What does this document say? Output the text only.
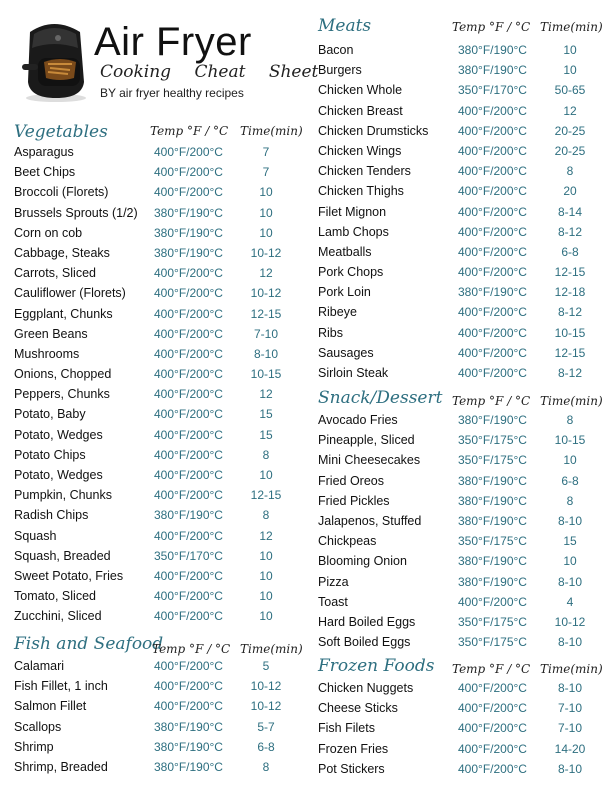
Air Fryer
Cooking Cheat Sheet
BY air fryer healthy recipes
Vegetables	Temp °F / °C Time(min)
Asparagus	400°F/200°C	7
Beet Chips	400°F/200°C	7
Broccoli (Florets)	400°F/200°C	10
Brussels Sprouts (1/2) 380°F/190°C	10
Corn on cob	380°F/190°C	10
Cabbage, Steaks	380°F/190°C	10-12
Carrots, Sliced	400°F/200°C	12
Cauliflower (Florets) 400°F/200°C	10-12
Eggplant, Chunks	400°F/200°C	12-15
Green Beans	400°F/200°C	7-10
Mushrooms	400°F/200°C	8-10
Onions, Chopped	400°F/200°C	10-15
Peppers, Chunks	400°F/200°C	12
Potato, Baby	400°F/200°C	15
Potato, Wedges	400°F/200°C	15
Potato Chips	400°F/200°C	8
Potato, Wedges	400°F/200°C	10
Pumpkin, Chunks	400°F/200°C	12-15
Radish Chips	380°F/190°C	8
Squash	400°F/200°C	12
Squash, Breaded	350°F/170°C	10
Sweet Potato, Fries	400°F/200°C	10
Tomato, Sliced	400°F/200°C	10
Zucchini, Sliced	400°F/200°C	10
Fish and Seafood
Temp °F / °C Time(min)
Calamari	400°F/200°C	5
Fish Fillet, 1 inch	400°F/200°C	10-12
Salmon Fillet	400°F/200°C	10-12
Scallops	380°F/190°C	5-7
Shrimp	380°F/190°C	6-8
Shrimp, Breaded	380°F/190°C	8
Meats	Temp °F / °C Time(min)
Bacon	380°F/190°C	10
Burgers	380°F/190°C	10
Chicken Whole	350°F/170°C	50-65
Chicken Breast	400°F/200°C	12
Chicken Drumsticks 400°F/200°C	20-25
Chicken Wings	400°F/200°C	20-25
Chicken Tenders	400°F/200°C	8
Chicken Thighs	400°F/200°C	20
Filet Mignon	400°F/200°C	8-14
Lamb Chops	400°F/200°C	8-12
Meatballs	400°F/200°C	6-8
Pork Chops	400°F/200°C	12-15
Pork Loin	380°F/190°C	12-18
Ribeye	400°F/200°C	8-12
Ribs	400°F/200°C	10-15
Sausages	400°F/200°C	12-15
Sirloin Steak	400°F/200°C	8-12
Snack/Dessert Temp °F / °C Time(min)
Avocado Fries	380°F/190°C	8
Pineapple, Sliced	350°F/175°C	10-15
Mini Cheesecakes	350°F/175°C	10
Fried Oreos	380°F/190°C	6-8
Fried Pickles	380°F/190°C	8
Jalapenos, Stuffed	380°F/190°C	8-10
Chickpeas	350°F/175°C	15
Blooming Onion	380°F/190°C	10
Pizza	380°F/190°C	8-10
Toast	400°F/200°C	4
Hard Boiled Eggs	350°F/175°C	10-12
Soft Boiled Eggs	350°F/175°C	8-10
Frozen Foods Temp °F / °C Time(min)
Chicken Nuggets	400°F/200°C	8-10
Cheese Sticks	400°F/200°C	7-10
Fish Filets	400°F/200°C	7-10
Frozen Fries	400°F/200°C	14-20
Pot Stickers	400°F/200°C	8-10
